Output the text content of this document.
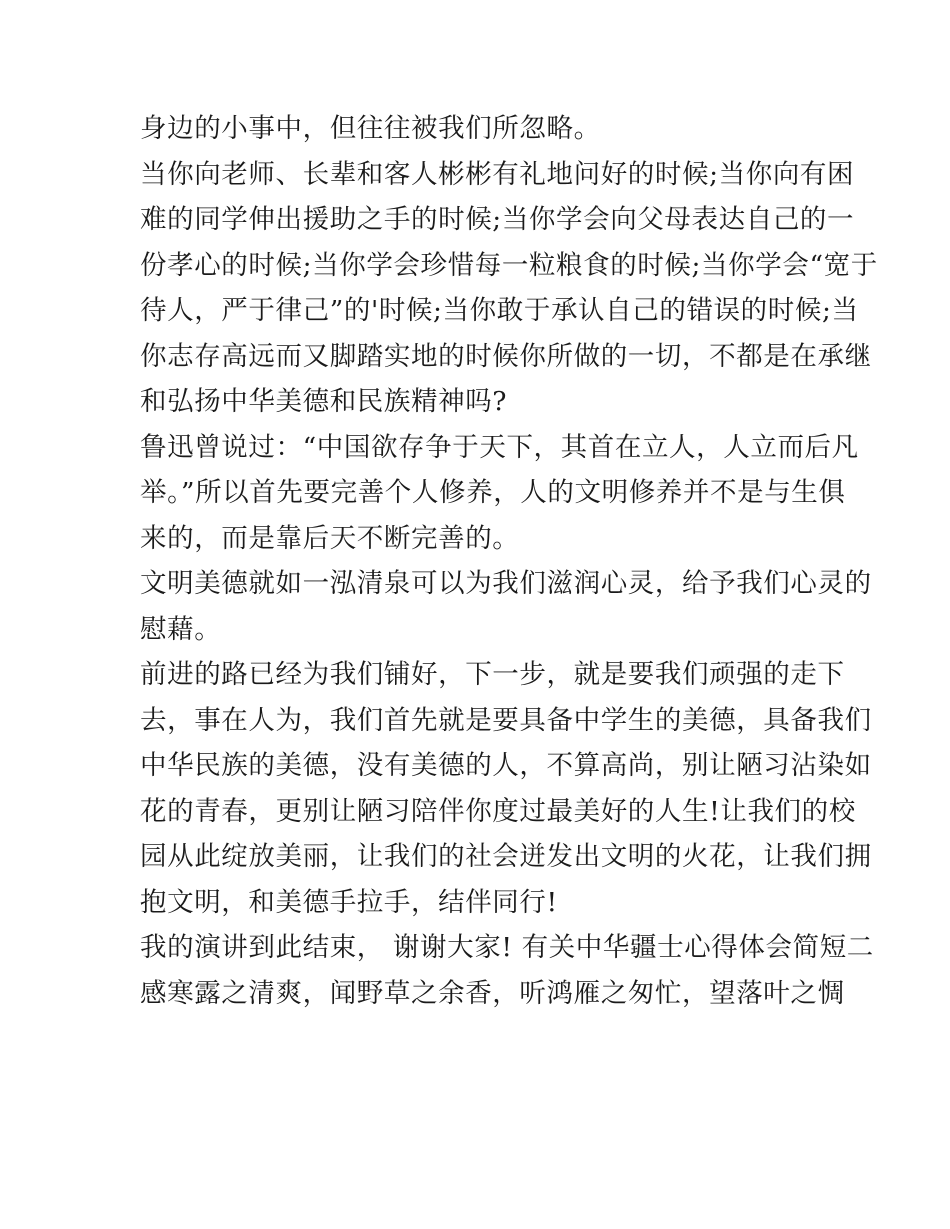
身边的小事中，但往往被我们所忽略。
当你向老师、长辈和客人彬彬有礼地问好的时候;当你向有困
难的同学伸出援助之手的时候;当你学会向父母表达自己的一
份孝心的时候;当你学会珍惜每一粒粮食的时候;当你学会“宽于
待人，严于律己”的'时候;当你敢于承认自己的错误的时候;当
你志存高远而又脚踏实地的时候你所做的一切，不都是在承继
和弘扬中华美德和民族精神吗?
鲁迅曾说过：“中国欲存争于天下，其首在立人，人立而后凡
举。”所以首先要完善个人修养，人的文明修养并不是与生俱
来的，而是靠后天不断完善的。
文明美德就如一泓清泉可以为我们滋润心灵，给予我们心灵的
慰藉。
前进的路已经为我们铺好，下一步，就是要我们顽强的走下
去，事在人为，我们首先就是要具备中学生的美德，具备我们
中华民族的美德，没有美德的人，不算高尚，别让陋习沾染如
花的青春，更别让陋习陪伴你度过最美好的人生!让我们的校
园从此绽放美丽，让我们的社会迸发出文明的火花，让我们拥
抱文明，和美德手拉手，结伴同行!
我的演讲到此结束， 谢谢大家! 有关中华疆士心得体会简短二
感寒露之清爽，闻野草之余香，听鸿雁之匆忙，望落叶之惆
